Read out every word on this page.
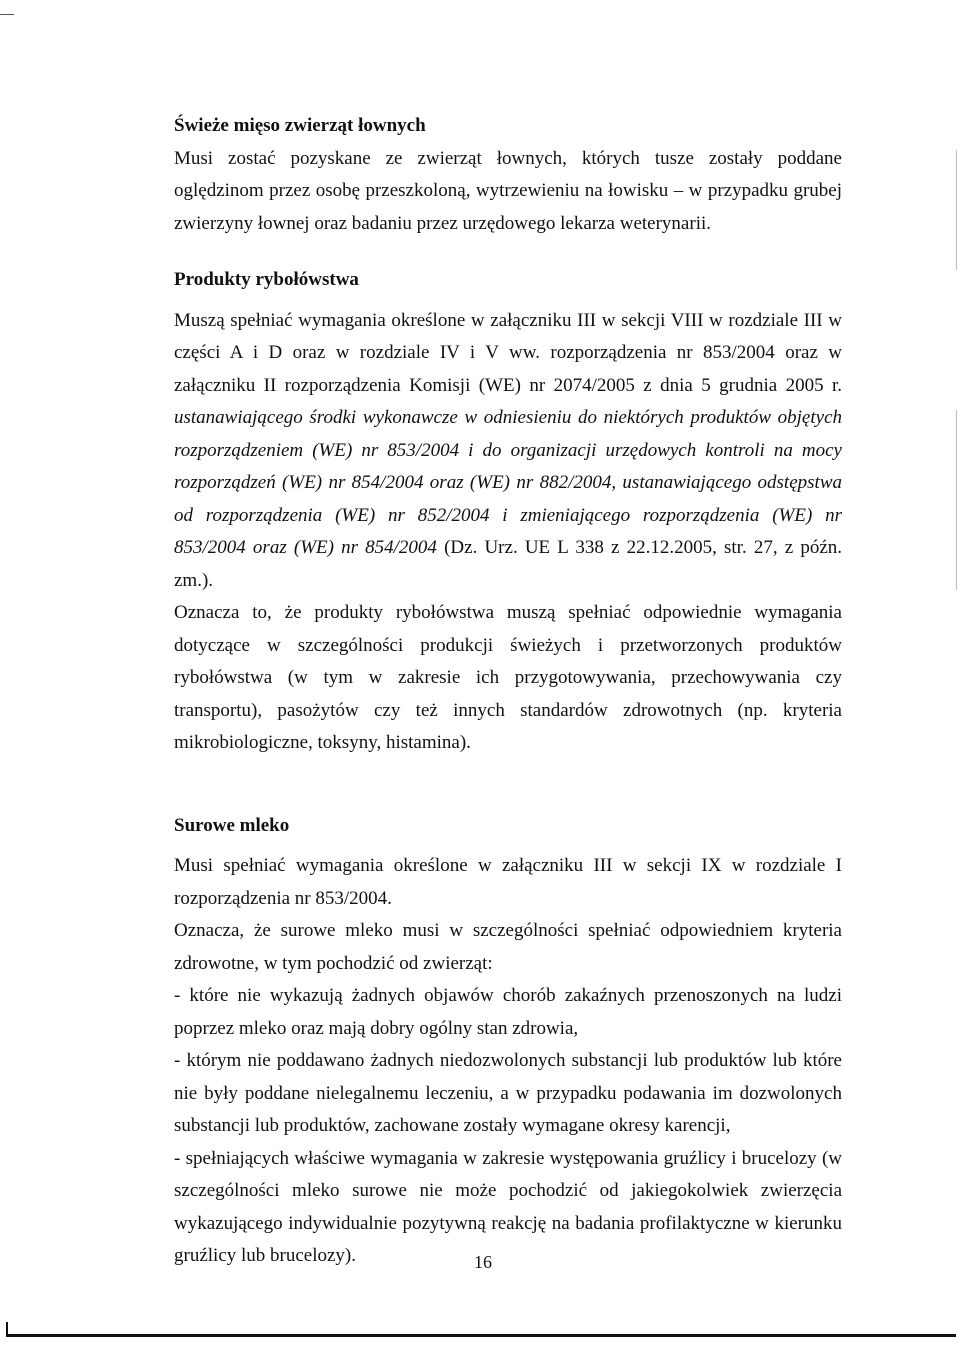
Świeże mięso zwierząt łownych

Musi zostać pozyskane ze zwierząt łownych, których tusze zostały poddane oględzinom przez osobę przeszkoloną, wytrzewieniu na łowisku – w przypadku grubej zwierzyny łownej oraz badaniu przez urzędowego lekarza weterynarii.

Produkty rybołówstwa

Muszą spełniać wymagania określone w załączniku III w sekcji VIII w rozdziale III w części A i D oraz w rozdziale IV i V ww. rozporządzenia nr 853/2004 oraz w załączniku II rozporządzenia Komisji (WE) nr 2074/2005 z dnia 5 grudnia 2005 r. ustanawiającego środki wykonawcze w odniesieniu do niektórych produktów objętych rozporządzeniem (WE) nr 853/2004 i do organizacji urzędowych kontroli na mocy rozporządzeń (WE) nr 854/2004 oraz (WE) nr 882/2004, ustanawiającego odstępstwa od rozporządzenia (WE) nr 852/2004 i zmieniającego rozporządzenia (WE) nr 853/2004 oraz (WE) nr 854/2004 (Dz. Urz. UE L 338 z 22.12.2005, str. 27, z późn. zm.).

Oznacza to, że produkty rybołówstwa muszą spełniać odpowiednie wymagania dotyczące w szczególności produkcji świeżych i przetworzonych produktów rybołówstwa (w tym w zakresie ich przygotowywania, przechowywania czy transportu), pasożytów czy też innych standardów zdrowotnych (np. kryteria mikrobiologiczne, toksyny, histamina).

Surowe mleko

Musi spełniać wymagania określone w załączniku III w sekcji IX w rozdziale I rozporządzenia nr 853/2004.

Oznacza, że surowe mleko musi w szczególności spełniać odpowiedniem kryteria zdrowotne, w tym pochodzić od zwierząt:

- które nie wykazują żadnych objawów chorób zakaźnych przenoszonych na ludzi poprzez mleko oraz mają dobry ogólny stan zdrowia,

- którym nie poddawano żadnych niedozwolonych substancji lub produktów lub które nie były poddane nielegalnemu leczeniu, a w przypadku podawania im dozwolonych substancji lub produktów, zachowane zostały wymagane okresy karencji,

- spełniających właściwe wymagania w zakresie występowania gruźlicy i brucelozy (w szczególności mleko surowe nie może pochodzić od jakiegokolwiek zwierzęcia wykazującego indywidualnie pozytywną reakcję na badania profilaktyczne w kierunku gruźlicy lub brucelozy).	16
